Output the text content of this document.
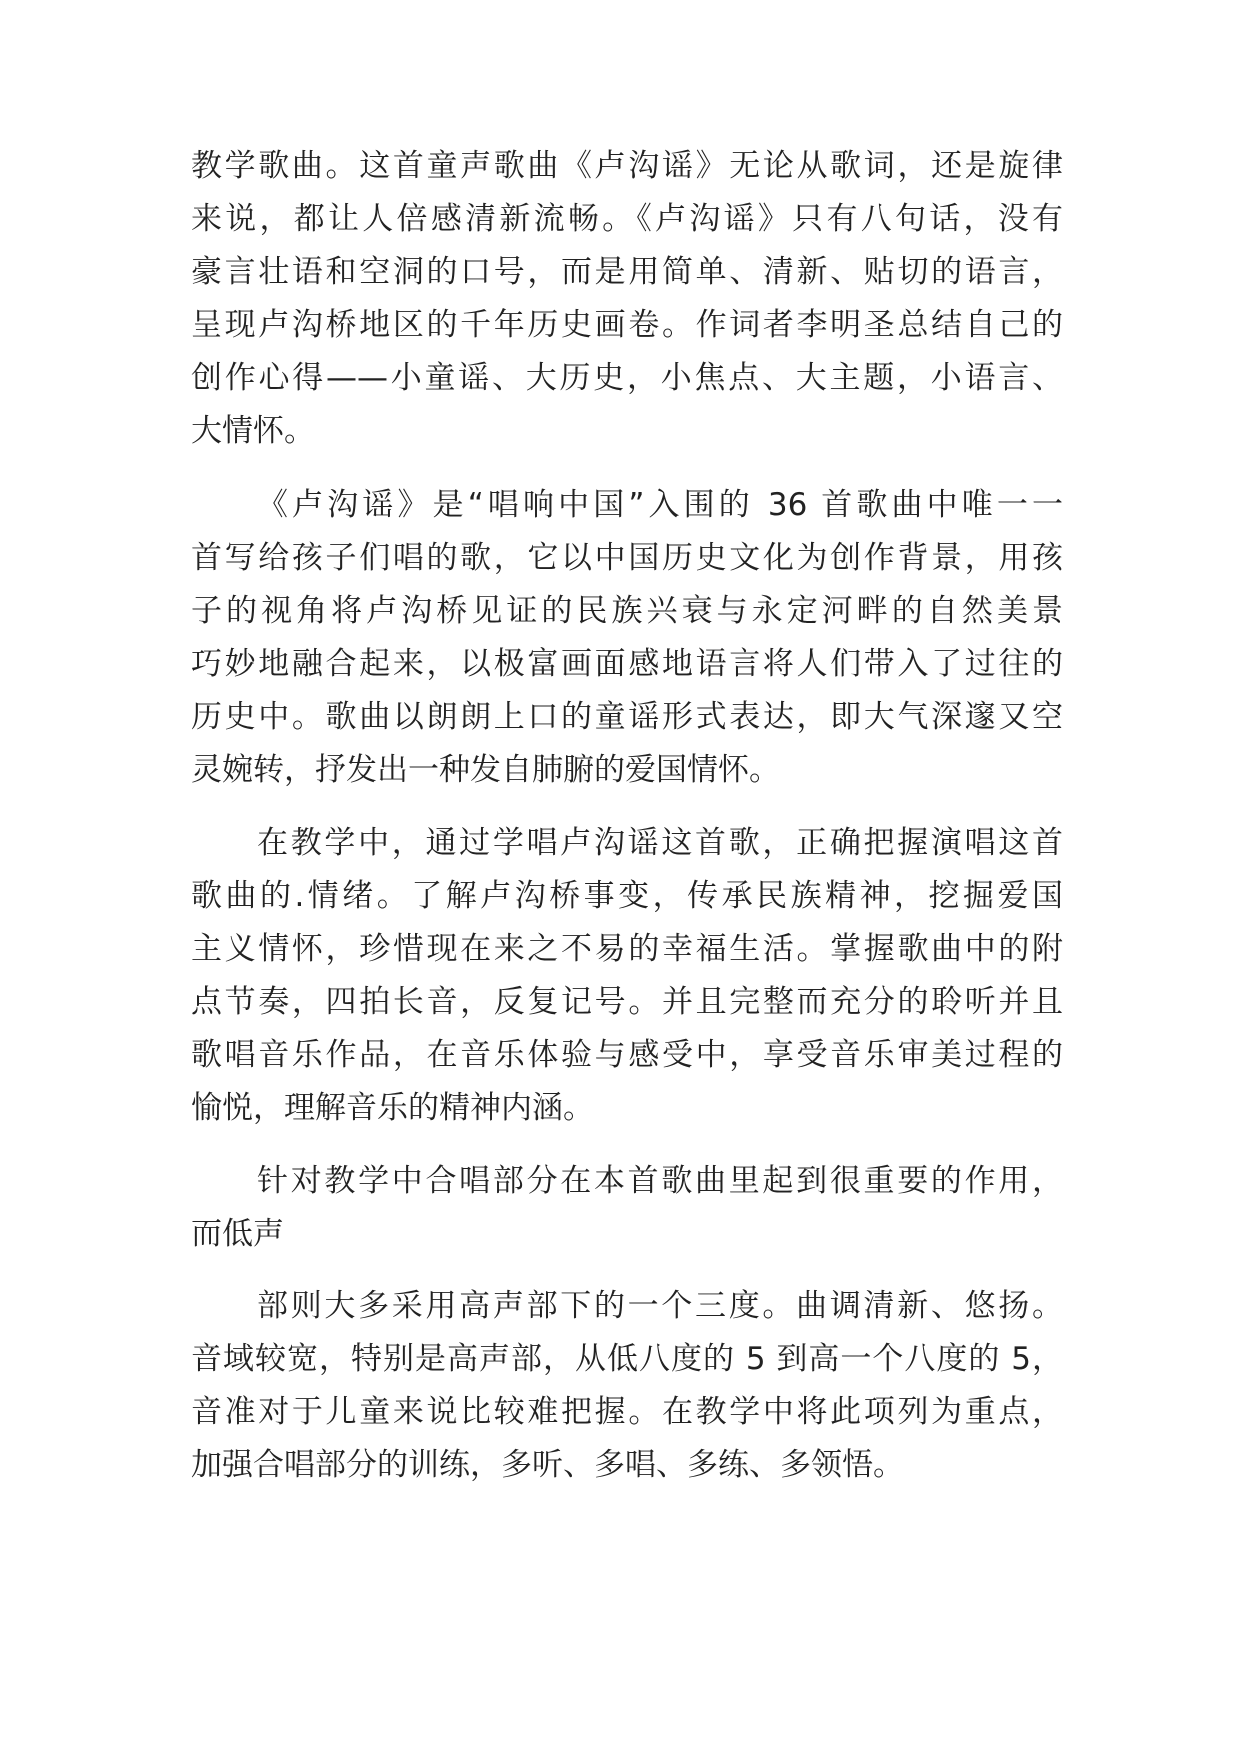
教学歌曲。这首童声歌曲《卢沟谣》无论从歌词，还是旋律
来说，都让人倍感清新流畅。《卢沟谣》只有八句话，没有
豪言壮语和空洞的口号，而是用简单、清新、贴切的语言，
呈现卢沟桥地区的千年历史画卷。作词者李明圣总结自己的
创作心得——小童谣、大历史，小焦点、大主题，小语言、
大情怀。
《卢沟谣》是“唱响中国”入围的 36 首歌曲中唯一一
首写给孩子们唱的歌，它以中国历史文化为创作背景，用孩
子的视角将卢沟桥见证的民族兴衰与永定河畔的自然美景
巧妙地融合起来，以极富画面感地语言将人们带入了过往的
历史中。歌曲以朗朗上口的童谣形式表达，即大气深邃又空
灵婉转，抒发出一种发自肺腑的爱国情怀。
在教学中，通过学唱卢沟谣这首歌，正确把握演唱这首
歌曲的.情绪。了解卢沟桥事变，传承民族精神，挖掘爱国
主义情怀，珍惜现在来之不易的幸福生活。掌握歌曲中的附
点节奏，四拍长音，反复记号。并且完整而充分的聆听并且
歌唱音乐作品，在音乐体验与感受中，享受音乐审美过程的
愉悦，理解音乐的精神内涵。
针对教学中合唱部分在本首歌曲里起到很重要的作用，
而低声
部则大多采用高声部下的一个三度。曲调清新、悠扬。
音域较宽，特别是高声部，从低八度的 5 到高一个八度的 5，
音准对于儿童来说比较难把握。在教学中将此项列为重点，
加强合唱部分的训练，多听、多唱、多练、多领悟。
